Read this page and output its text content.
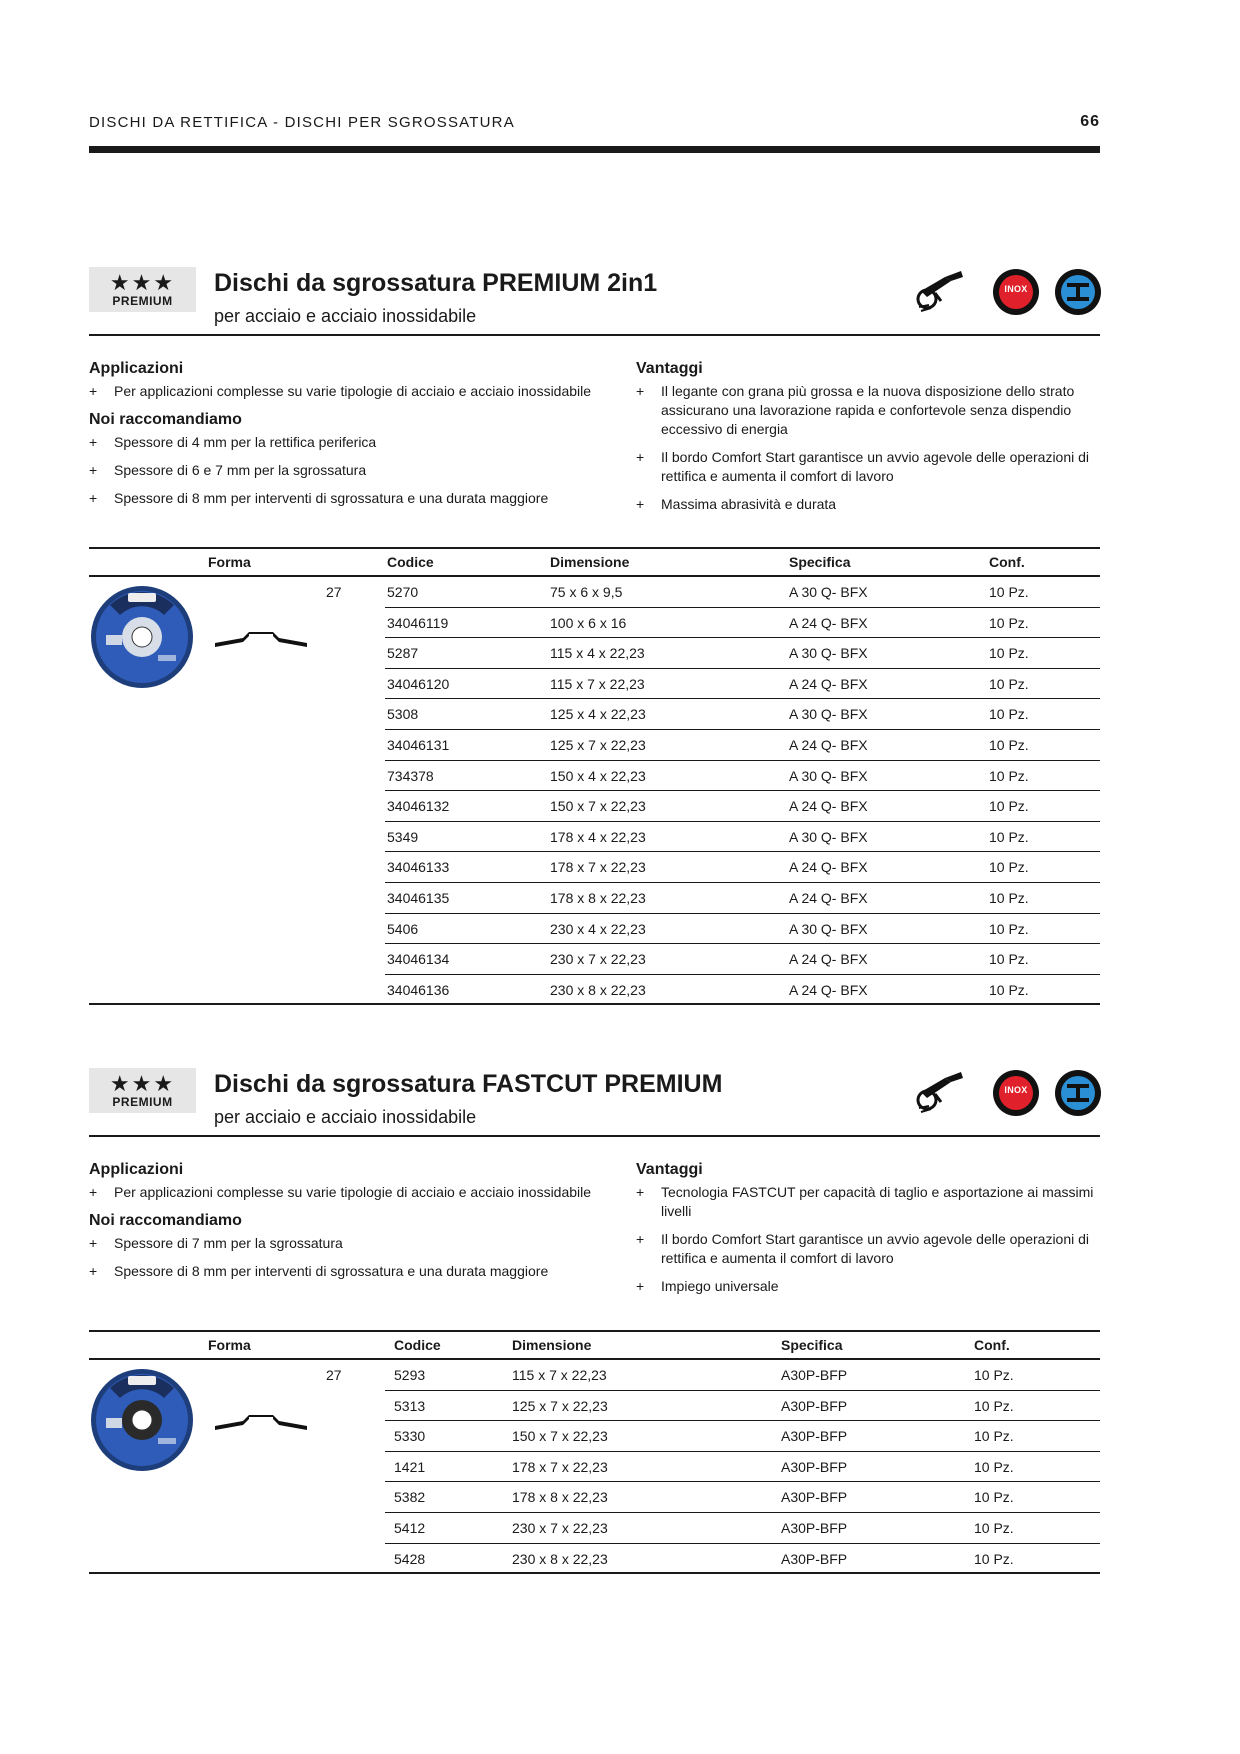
DISCHI DA RETTIFICA - DISCHI PER SGROSSATURA	66
★★★
PREMIUM
Dischi da sgrossatura PREMIUM 2in1
per acciaio e acciaio inossidabile
INOX
Applicazioni
+ Per applicazioni complesse su varie tipologie di acciaio e acciaio inossidabile
Noi raccomandiamo
+ Spessore di 4 mm per la rettifica periferica
+ Spessore di 6 e 7 mm per la sgrossatura
+ Spessore di 8 mm per interventi di sgrossatura e una durata maggiore
Vantaggi
+ Il legante con grana più grossa e la nuova disposizione dello strato assicurano una lavorazione rapida e confortevole senza dispendio eccessivo di energia
+ Il bordo Comfort Start garantisce un avvio agevole delle operazioni di rettifica e aumenta il comfort di lavoro
+ Massima abrasività e durata
Forma	Codice	Dimensione	Specifica	Conf.
27	5270	75 x 6 x 9,5	A 30 Q- BFX	10 Pz.
34046119	100 x 6 x 16	A 24 Q- BFX	10 Pz.
5287	115 x 4 x 22,23	A 30 Q- BFX	10 Pz.
34046120	115 x 7 x 22,23	A 24 Q- BFX	10 Pz.
5308	125 x 4 x 22,23	A 30 Q- BFX	10 Pz.
34046131	125 x 7 x 22,23	A 24 Q- BFX	10 Pz.
734378	150 x 4 x 22,23	A 30 Q- BFX	10 Pz.
34046132	150 x 7 x 22,23	A 24 Q- BFX	10 Pz.
5349	178 x 4 x 22,23	A 30 Q- BFX	10 Pz.
34046133	178 x 7 x 22,23	A 24 Q- BFX	10 Pz.
34046135	178 x 8 x 22,23	A 24 Q- BFX	10 Pz.
5406	230 x 4 x 22,23	A 30 Q- BFX	10 Pz.
34046134	230 x 7 x 22,23	A 24 Q- BFX	10 Pz.
34046136	230 x 8 x 22,23	A 24 Q- BFX	10 Pz.
★★★
PREMIUM
Dischi da sgrossatura FASTCUT PREMIUM
per acciaio e acciaio inossidabile
INOX
Applicazioni
+ Per applicazioni complesse su varie tipologie di acciaio e acciaio inossidabile
Noi raccomandiamo
+ Spessore di 7 mm per la sgrossatura
+ Spessore di 8 mm per interventi di sgrossatura e una durata maggiore
Vantaggi
+ Tecnologia FASTCUT per capacità di taglio e asportazione ai massimi livelli
+ Il bordo Comfort Start garantisce un avvio agevole delle operazioni di rettifica e aumenta il comfort di lavoro
+ Impiego universale
Forma	Codice	Dimensione	Specifica	Conf.
27	5293	115 x 7 x 22,23	A30P-BFP	10 Pz.
5313	125 x 7 x 22,23	A30P-BFP	10 Pz.
5330	150 x 7 x 22,23	A30P-BFP	10 Pz.
1421	178 x 7 x 22,23	A30P-BFP	10 Pz.
5382	178 x 8 x 22,23	A30P-BFP	10 Pz.
5412	230 x 7 x 22,23	A30P-BFP	10 Pz.
5428	230 x 8 x 22,23	A30P-BFP	10 Pz.
